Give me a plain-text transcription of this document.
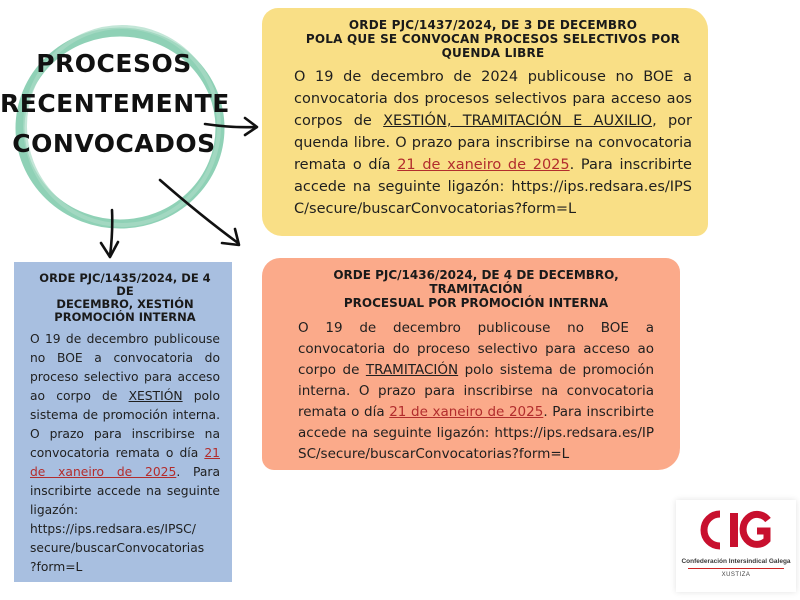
PROCESOS
RECENTEMENTE
CONVOCADOS
ORDE PJC/1437/2024, DE 3 DE DECEMBRO
POLA QUE SE CONVOCAN PROCESOS SELECTIVOS POR
QUENDA LIBRE
O 19 de decembro de 2024 publicouse no BOE a convocatoria dos procesos selectivos para acceso aos corpos de XESTIÓN, TRAMITACIÓN E AUXILIO, por quenda libre. O prazo para inscribirse na convocatoria remata o día 21 de xaneiro de 2025. Para inscribirte accede na seguinte ligazón: https://ips.redsara.es/IPSC/secure/buscarConvocatorias?form=L
ORDE PJC/1436/2024, DE 4 DE DECEMBRO, TRAMITACIÓN
PROCESUAL POR PROMOCIÓN INTERNA
O 19 de decembro publicouse no BOE a convocatoria do proceso selectivo para acceso ao corpo de TRAMITACIÓN polo sistema de promoción interna. O prazo para inscribirse na convocatoria remata o día 21 de xaneiro de 2025. Para inscribirte accede na seguinte ligazón: https://ips.redsara.es/IPSC/secure/buscarConvocatorias?form=L
ORDE PJC/1435/2024, DE 4 DE
DECEMBRO, XESTIÓN
PROMOCIÓN INTERNA
O 19 de decembro publicouse no BOE a convocatoria do proceso selectivo para acceso ao corpo de XESTIÓN polo sistema de promoción interna. O prazo para inscribirse na convocatoria remata o día 21 de xaneiro de 2025. Para inscribirte accede na seguinte ligazón: https://ips.redsara.es/IPSC/
secure/buscarConvocatorias
?form=L	Confederación Intersindical Galega
XUSTIZA
